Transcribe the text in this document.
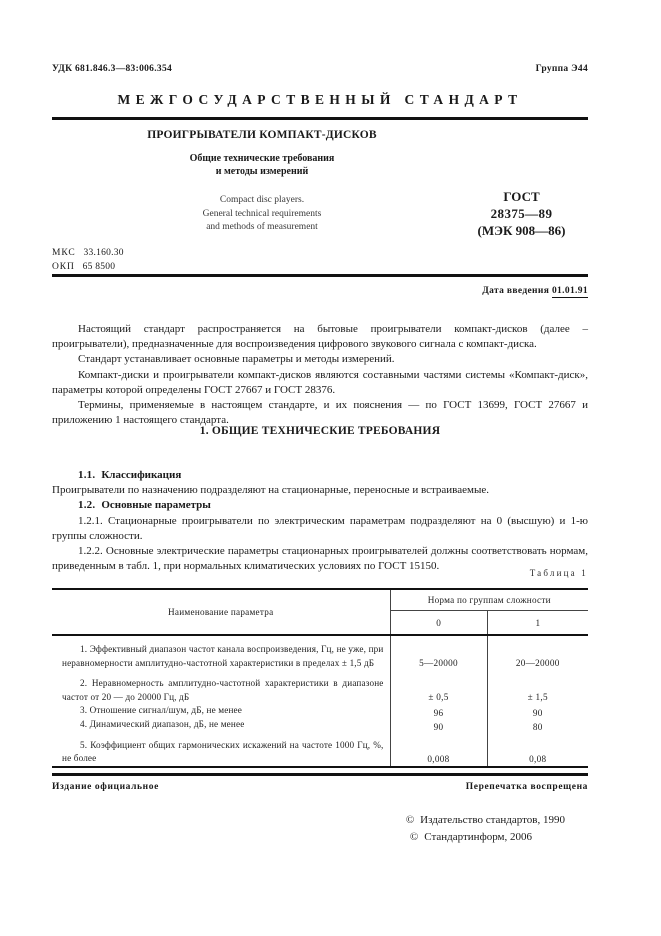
УДК 681.846.3—83:006.354	Группа Э44
МЕЖГОСУДАРСТВЕННЫЙ СТАНДАРТ
ПРОИГРЫВАТЕЛИ КОМПАКТ-ДИСКОВ
Общие технические требования
и методы измерений
Compact disc players.
General technical requirements
and methods of measurement
ГОСТ
28375—89
(МЭК 908—86)
МКС 33.160.30
ОКП 65 8500
Дата введения 01.01.91

Настоящий стандарт распространяется на бытовые проигрыватели компакт-дисков (далее – проигрыватели), предназначенные для воспроизведения цифрового звукового сигнала с компакт-диска.

Стандарт устанавливает основные параметры и методы измерений.

Компакт-диски и проигрыватели компакт-дисков являются составными частями системы «Компакт-диск», параметры которой определены ГОСТ 27667 и ГОСТ 28376.

Термины, применяемые в настоящем стандарте, и их пояснения — по ГОСТ 13699, ГОСТ 27667 и приложению 1 настоящего стандарта.

1. ОБЩИЕ ТЕХНИЧЕСКИЕ ТРЕБОВАНИЯ

1.1. Классификация

Проигрыватели по назначению подразделяют на стационарные, переносные и встраиваемые.

1.2. Основные параметры

1.2.1. Стационарные проигрыватели по электрическим параметрам подразделяют на 0 (высшую) и 1-ю группы сложности.

1.2.2. Основные электрические параметры стационарных проигрывателей должны соответствовать нормам, приведенным в табл. 1, при нормальных климатических условиях по ГОСТ 15150.

Таблица 1
Наименование параметра	Норма по группам сложности	
	0	1

1. Эффективный диапазон частот канала воспроизведения, Гц, не уже, при неравномерности амплитудно-частотной характеристики в пределах ± 1,5 дБ	5—20000	20—20000

2. Неравномерность амплитудно-частотной характеристики в диапазоне частот от 20 — до 20000 Гц, дБ	± 0,5	± 1,5

3. Отношение сигнал/шум, дБ, не менее	96	90

4. Динамический диапазон, дБ, не менее	90	80

5. Коэффициент общих гармонических искажений на частоте 1000 Гц, %, не более	0,008	0,08
Издание официальное	Перепечатка воспрещена
© Издательство стандартов, 1990
© Стандартинформ, 2006
